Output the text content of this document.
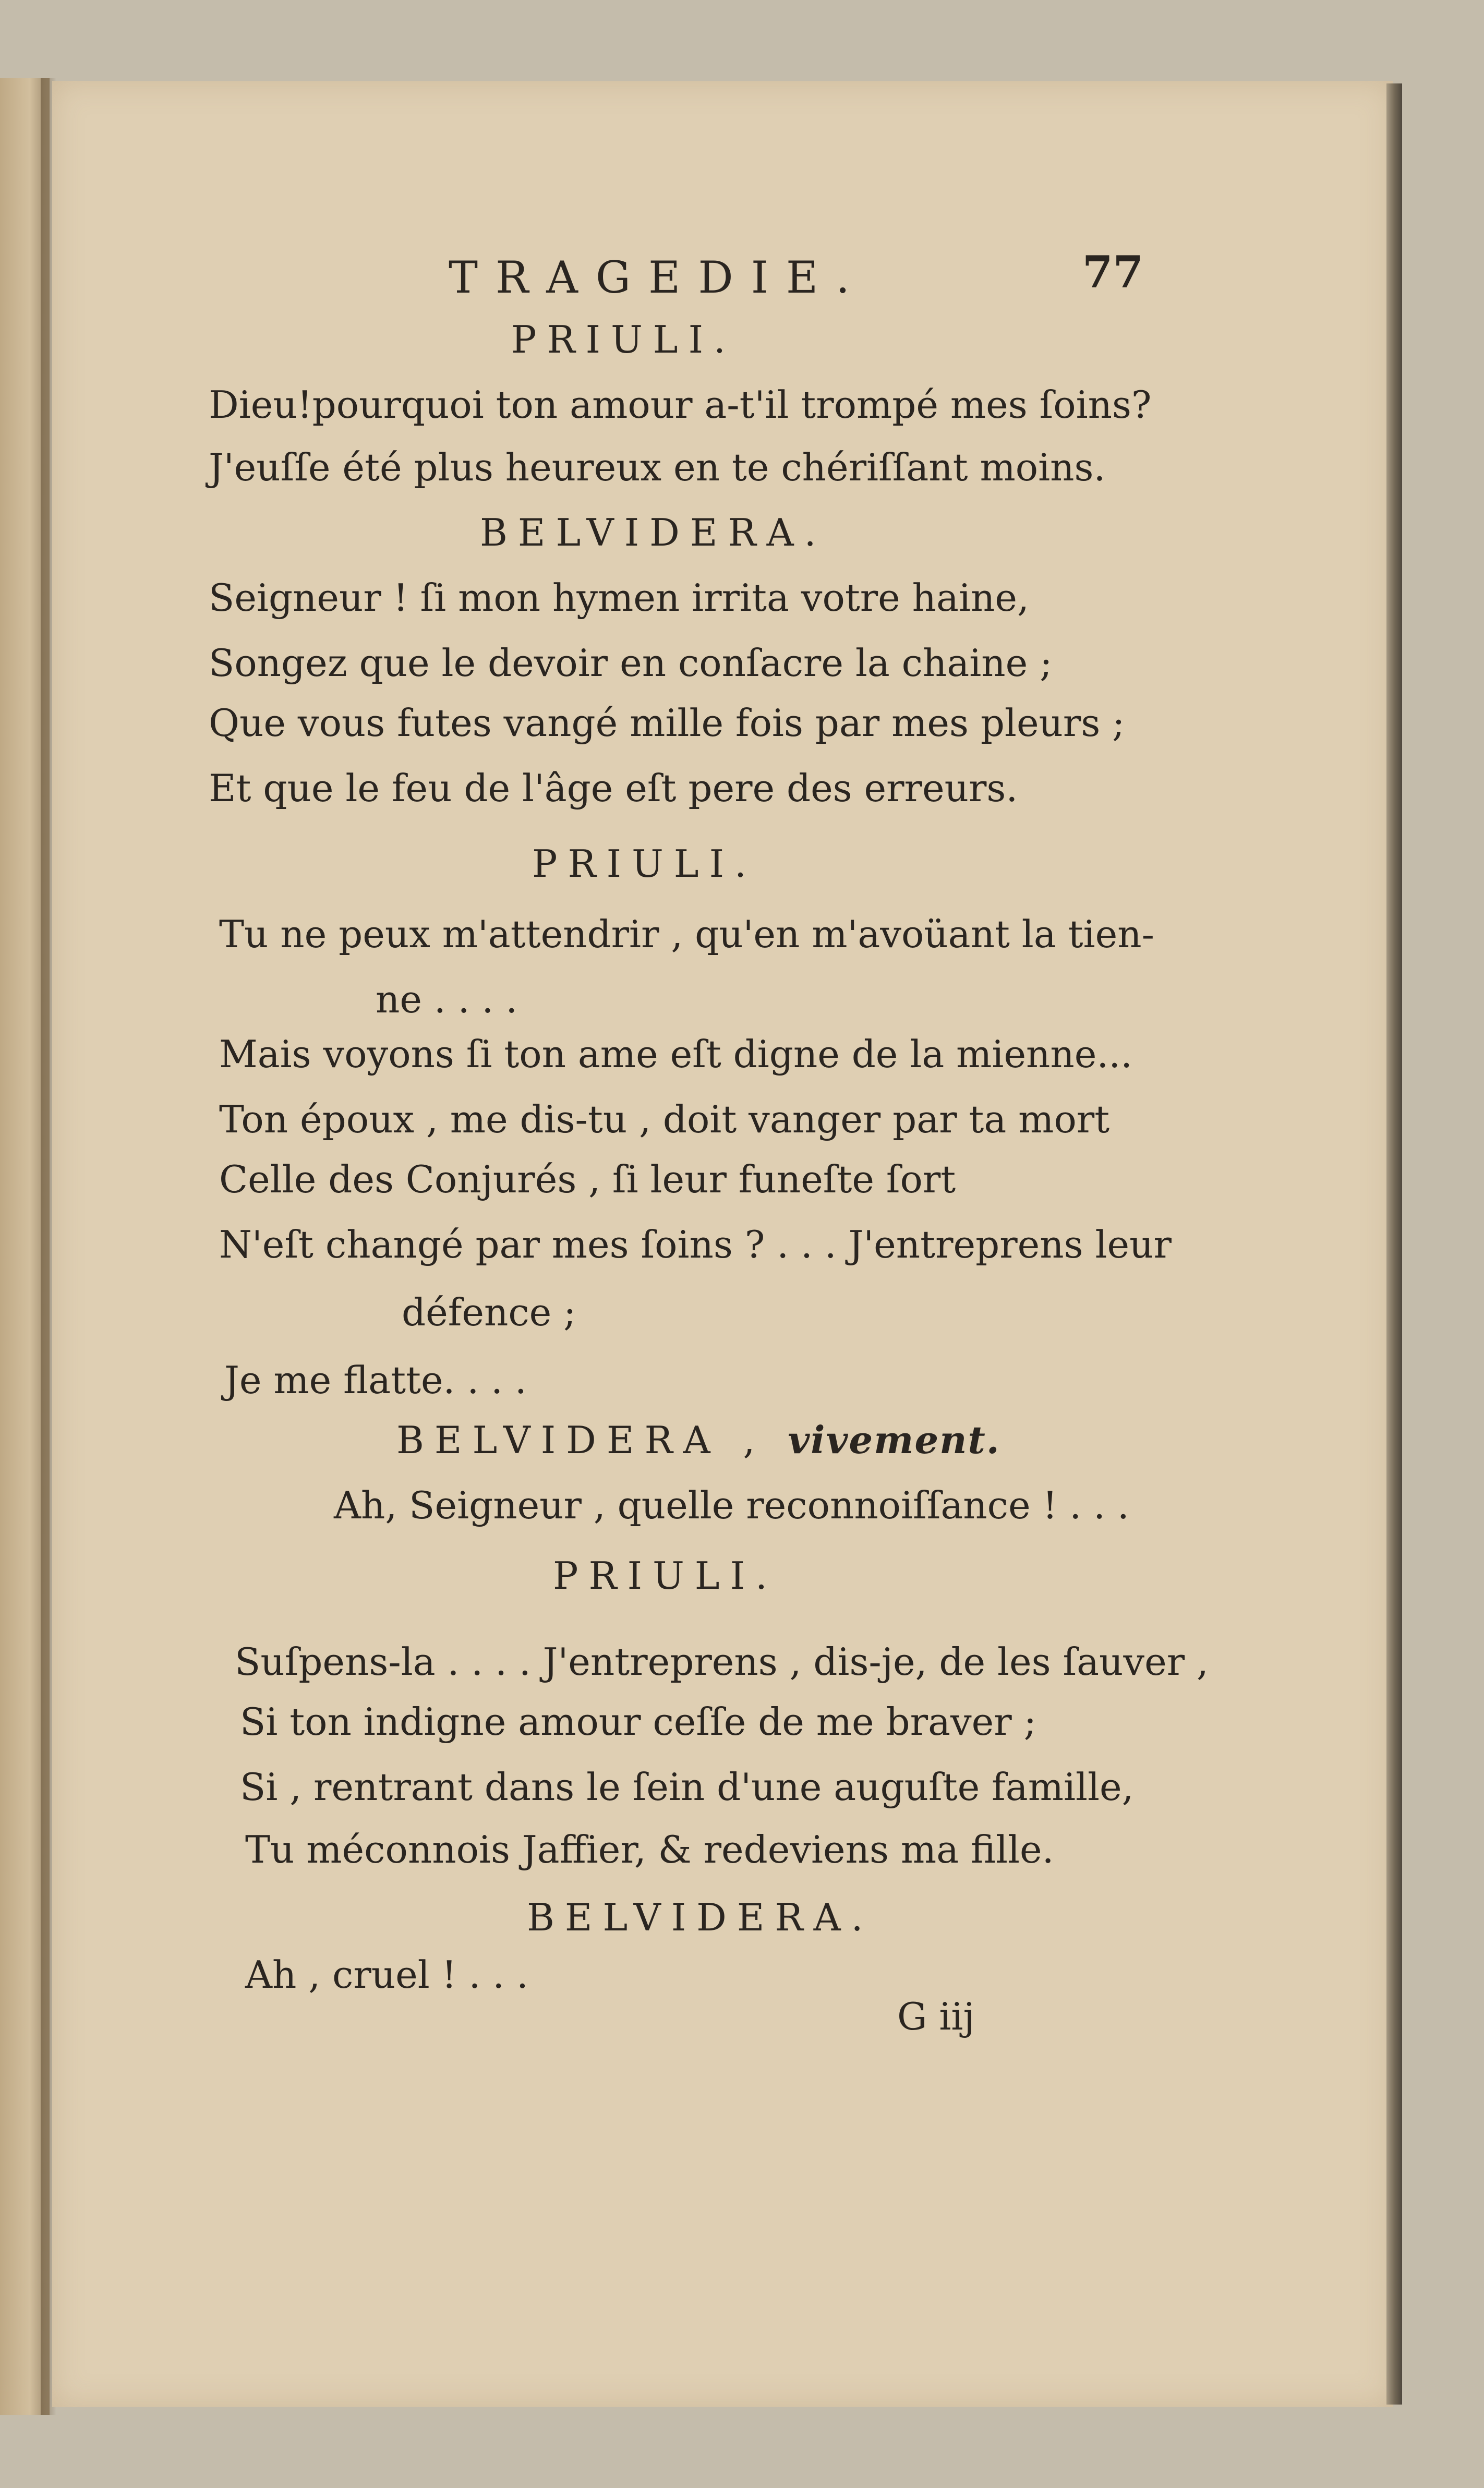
TRAGEDIE.	77

PRIULI.

Dieu!pourquoi ton amour a-t'il trompé mes ſoins?

J'euſſe été plus heureux en te chériſſant moins.

BELVIDERA.

Seigneur ! ſi mon hymen irrita votre haine,

Songez que le devoir en conſacre la chaine ;

Que vous futes vangé mille fois par mes pleurs ;

Et que le feu de l'âge eſt pere des erreurs.

PRIULI.

Tu ne peux m'attendrir , qu'en m'avoüant la tien-

ne . . . .

Mais voyons ſi ton ame eſt digne de la mienne...

Ton époux , me dis-tu , doit vanger par ta mort

Celle des Conjurés , ſi leur funeſte ſort

N'eſt changé par mes ſoins ? . . . J'entreprens leur

défence ;

Je me flatte. . . .

BELVIDERA , vivement.

Ah, Seigneur , quelle reconnoiſſance ! . . .

PRIULI.

Suſpens-la . . . . J'entreprens , dis-je, de les ſauver ,

Si ton indigne amour ceſſe de me braver ;

Si , rentrant dans le ſein d'une auguſte famille,

Tu méconnois Jaffier, & redeviens ma fille.

BELVIDERA.

Ah , cruel ! . . .

G iij
